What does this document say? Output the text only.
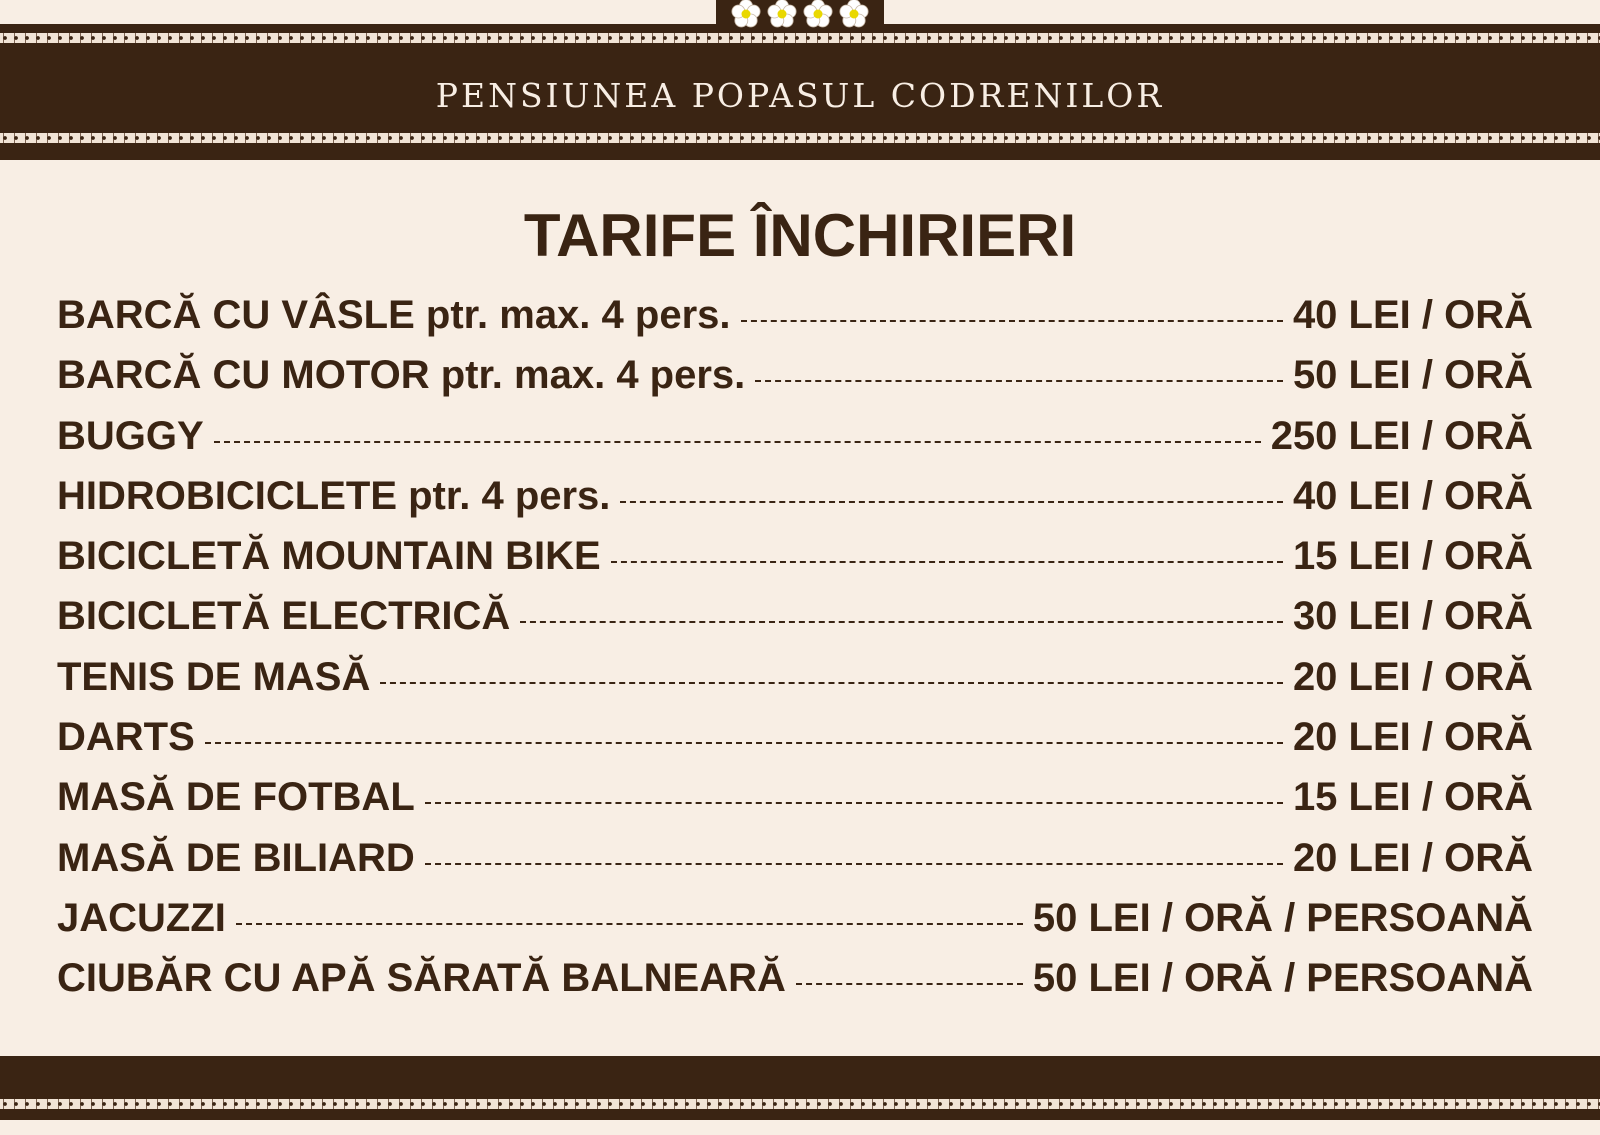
PENSIUNEA POPASUL CODRENILOR
TARIFE ÎNCHIRIERI
BARCĂ CU VÂSLE ptr. max. 4 pers.	40 LEI / ORĂ
BARCĂ CU MOTOR ptr. max. 4 pers.	50 LEI / ORĂ
BUGGY	250 LEI / ORĂ
HIDROBICICLETE ptr. 4 pers.	40 LEI / ORĂ
BICICLETĂ MOUNTAIN BIKE	15 LEI / ORĂ
BICICLETĂ ELECTRICĂ	30 LEI / ORĂ
TENIS DE MASĂ	20 LEI / ORĂ
DARTS	20 LEI / ORĂ
MASĂ DE FOTBAL	15 LEI / ORĂ
MASĂ DE BILIARD	20 LEI / ORĂ
JACUZZI	50 LEI / ORĂ / PERSOANĂ
CIUBĂR CU APĂ SĂRATĂ BALNEARĂ	50 LEI / ORĂ / PERSOANĂ
